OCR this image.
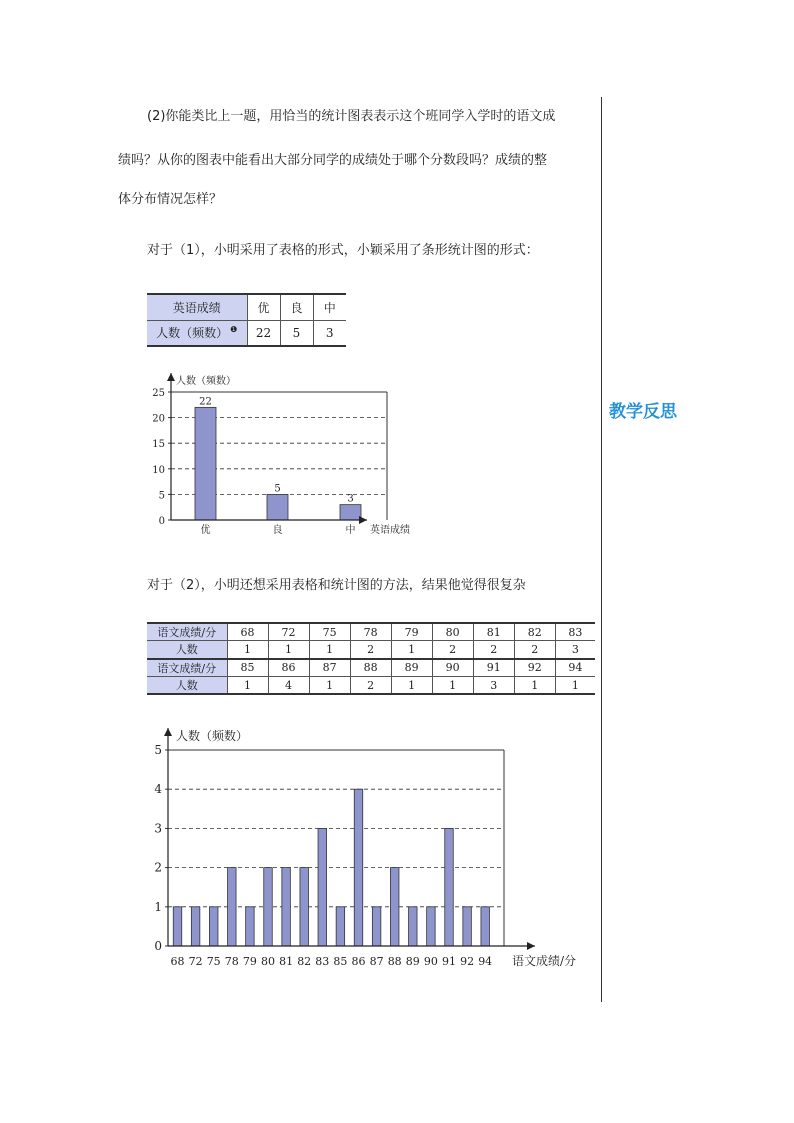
(2)你能类比上一题，用恰当的统计图表表示这个班同学入学时的语文成
绩吗？从你的图表中能看出大部分同学的成绩处于哪个分数段吗？成绩的整
体分布情况怎样？
对于（1），小明采用了表格的形式，小颖采用了条形统计图的形式：
教学反思
英语成绩	优	良	中
人数（频数） $^❶$	22	5	3
0
5
10
15
20
25
优
22
良
5
中
3
人数（频数）
英语成绩
对于（2），小明还想采用表格和统计图的方法，结果他觉得很复杂
语文成绩/分	68	72	75	78	79	80	81	82	83
人数	1	1	1	2	1	2	2	2	3
语文成绩/分	85	86	87	88	89	90	91	92	94
人数	1	4	1	2	1	1	3	1	1
0
1
2
3
4
5
68 72 75 78 79 80 81 82 83 85 86 87 88 89 90 91 92 94
人数（频数）
语文成绩/分
